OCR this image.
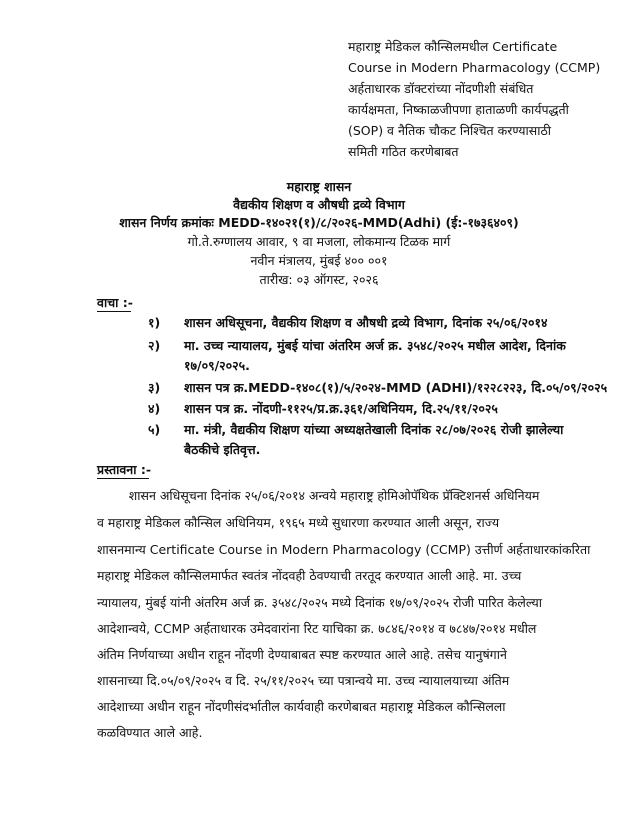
महाराष्ट्र मेडिकल कौन्सिलमधील Certificate
Course in Modern Pharmacology (CCMP)
अर्हताधारक डॉक्टरांच्या नोंदणीशी संबंधित
कार्यक्षमता, निष्काळजीपणा हाताळणी कार्यपद्धती
(SOP) व नैतिक चौकट निश्चित करण्यासाठी
समिती गठित करणेबाबत
महाराष्ट्र शासन
वैद्यकीय शिक्षण व औषधी द्रव्ये विभाग
शासन निर्णय क्रमांकः MEDD-१४०२१(१)/८/२०२६-MMD(Adhi) (ई:-१७३६४०९)
गो.ते.रुग्णालय आवार, ९ वा मजला, लोकमान्य टिळक मार्ग
नवीन मंत्रालय, मुंबई ४०० ००१
तारीख: ०३ ऑगस्ट, २०२६
वाचा :-
१) शासन अधिसूचना, वैद्यकीय शिक्षण व औषधी द्रव्ये विभाग, दिनांक २५/०६/२०१४
२) मा. उच्च न्यायालय, मुंबई यांचा अंतरिम अर्ज क्र. ३५४८/२०२५ मधील आदेश, दिनांक
१७/०९/२०२५.
३) शासन पत्र क्र.MEDD-१४०८(१)/५/२०२४-MMD (ADHI)/१२२८२२३, दि.०५/०९/२०२५
४) शासन पत्र क्र. नोंदणी-११२५/प्र.क्र.३६१/अधिनियम, दि.२५/११/२०२५
५) मा. मंत्री, वैद्यकीय शिक्षण यांच्या अध्यक्षतेखाली दिनांक २८/०७/२०२६ रोजी झालेल्या
बैठकीचे इतिवृत्त.
प्रस्तावना :-
शासन अधिसूचना दिनांक २५/०६/२०१४ अन्वये महाराष्ट्र होमिओपॅथिक प्रॅक्टिशनर्स अधिनियम
व महाराष्ट्र मेडिकल कौन्सिल अधिनियम, १९६५ मध्ये सुधारणा करण्यात आली असून, राज्य
शासनमान्य Certificate Course in Modern Pharmacology (CCMP) उत्तीर्ण अर्हताधारकांकरिता
महाराष्ट्र मेडिकल कौन्सिलमार्फत स्वतंत्र नोंदवही ठेवण्याची तरतूद करण्यात आली आहे. मा. उच्च
न्यायालय, मुंबई यांनी अंतरिम अर्ज क्र. ३५४८/२०२५ मध्ये दिनांक १७/०९/२०२५ रोजी पारित केलेल्या
आदेशान्वये, CCMP अर्हताधारक उमेदवारांना रिट याचिका क्र. ७८४६/२०१४ व ७८४७/२०१४ मधील
अंतिम निर्णयाच्या अधीन राहून नोंदणी देण्याबाबत स्पष्ट करण्यात आले आहे. तसेच यानुषंगाने
शासनाच्या दि.०५/०९/२०२५ व दि. २५/११/२०२५ च्या पत्रान्वये मा. उच्च न्यायालयाच्या अंतिम
आदेशाच्या अधीन राहून नोंदणीसंदर्भातील कार्यवाही करणेबाबत महाराष्ट्र मेडिकल कौन्सिलला
कळविण्यात आले आहे.
